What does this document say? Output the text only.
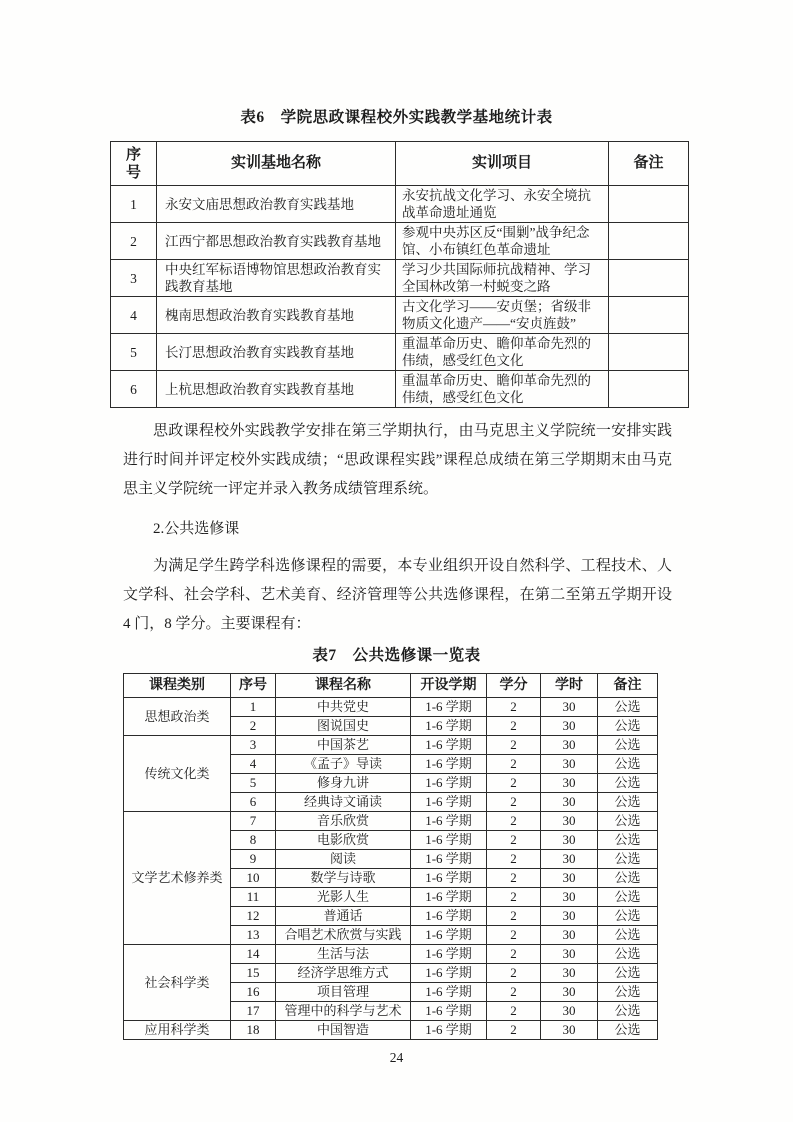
表6　学院思政课程校外实践教学基地统计表
序号	实训基地名称	实训项目	备注
1	永安文庙思想政治教育实践基地	永安抗战文化学习、永安全境抗战革命遗址通览	
2	江西宁都思想政治教育实践教育基地	参观中央苏区反“围剿”战争纪念馆、小布镇红色革命遗址	
3	中央红军标语博物馆思想政治教育实践教育基地	学习少共国际师抗战精神、学习全国林改第一村蜕变之路	
4	槐南思想政治教育实践教育基地	古文化学习——安贞堡；省级非物质文化遗产——“安贞旌鼓”	
5	长汀思想政治教育实践教育基地	重温革命历史、瞻仰革命先烈的伟绩，感受红色文化	
6	上杭思想政治教育实践教育基地	重温革命历史、瞻仰革命先烈的伟绩，感受红色文化	

思政课程校外实践教学安排在第三学期执行，由马克思主义学院统一安排实践进行时间并评定校外实践成绩；“思政课程实践”课程总成绩在第三学期期末由马克思主义学院统一评定并录入教务成绩管理系统。

2.公共选修课

为满足学生跨学科选修课程的需要，本专业组织开设自然科学、工程技术、人文学科、社会学科、艺术美育、经济管理等公共选修课程，在第二至第五学期开设 4 门，8 学分。主要课程有：

表7　公共选修课一览表
课程类别	序号	课程名称	开设学期	学分	学时	备注
思想政治类	1	中共党史	1-6 学期	2	30	公选
	2	图说国史	1-6 学期	2	30	公选
传统文化类	3	中国茶艺	1-6 学期	2	30	公选
	4	《孟子》导读	1-6 学期	2	30	公选
	5	修身九讲	1-6 学期	2	30	公选
	6	经典诗文诵读	1-6 学期	2	30	公选
文学艺术修养类	7	音乐欣赏	1-6 学期	2	30	公选
	8	电影欣赏	1-6 学期	2	30	公选
	9	阅读	1-6 学期	2	30	公选
	10	数学与诗歌	1-6 学期	2	30	公选
	11	光影人生	1-6 学期	2	30	公选
	12	普通话	1-6 学期	2	30	公选
	13	合唱艺术欣赏与实践	1-6 学期	2	30	公选
社会科学类	14	生活与法	1-6 学期	2	30	公选
	15	经济学思维方式	1-6 学期	2	30	公选
	16	项目管理	1-6 学期	2	30	公选
	17	管理中的科学与艺术	1-6 学期	2	30	公选
应用科学类	18	中国智造	1-6 学期	2	30	公选
24
